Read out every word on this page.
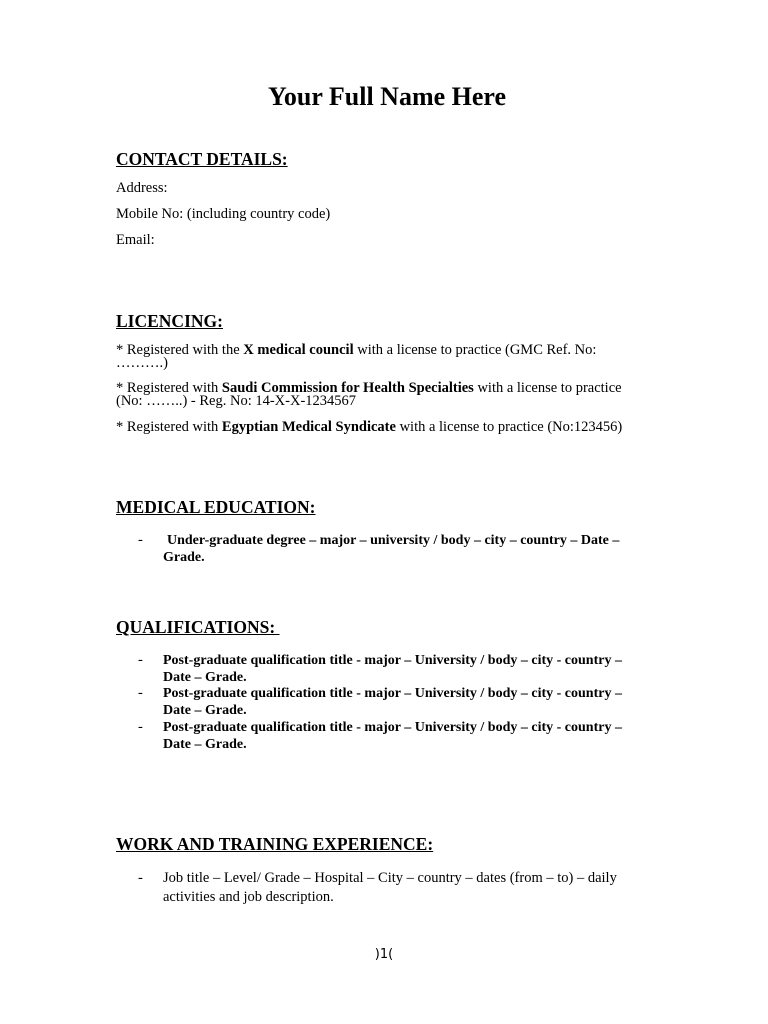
Your Full Name Here
CONTACT DETAILS:
Address:
Mobile No: (including country code)
Email:
LICENCING:
* Registered with the X medical council with a license to practice (GMC Ref. No: ……….)
* Registered with Saudi Commission for Health Specialties with a license to practice (No: ……..) - Reg. No: 14-X-X-1234567
* Registered with Egyptian Medical Syndicate with a license to practice (No:123456)
MEDICAL EDUCATION:
- Under-graduate degree – major – university / body – city – country – Date – Grade.
QUALIFICATIONS:
- Post-graduate qualification title - major – University / body – city - country – Date – Grade.
- Post-graduate qualification title - major – University / body – city - country – Date – Grade.
- Post-graduate qualification title - major – University / body – city - country – Date – Grade.
WORK AND TRAINING EXPERIENCE:
- Job title – Level/ Grade – Hospital – City – country – dates (from – to) – daily activities and job description.
)1(
